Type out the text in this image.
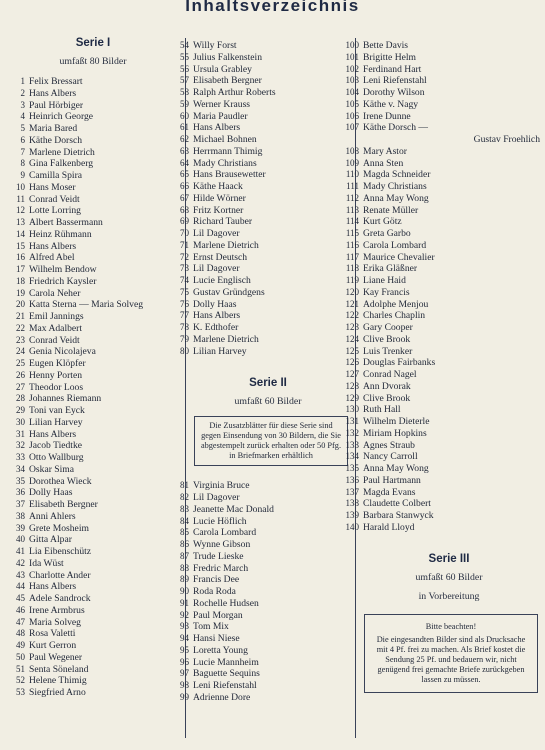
Inhaltsverzeichnis
Serie I
umfaßt 80 Bilder
1 Felix Bressart
2 Hans Albers
3 Paul Hörbiger
4 Heinrich George
5 Maria Bared
6 Käthe Dorsch
7 Marlene Dietrich
8 Gina Falkenberg
9 Camilla Spira
10 Hans Moser
11 Conrad Veidt
12 Lotte Lorring
13 Albert Bassermann
14 Heinz Rühmann
15 Hans Albers
16 Alfred Abel
17 Wilhelm Bendow
18 Friedrich Kaysler
19 Carola Neher
20 Katta Sterna — Maria Solveg
21 Emil Jannings
22 Max Adalbert
23 Conrad Veidt
24 Genia Nicolajeva
25 Eugen Klöpfer
26 Henny Porten
27 Theodor Loos
28 Johannes Riemann
29 Toni van Eyck
30 Lilian Harvey
31 Hans Albers
32 Jacob Tiedtke
33 Otto Wallburg
34 Oskar Sima
35 Dorothea Wieck
36 Dolly Haas
37 Elisabeth Bergner
38 Anni Ahlers
39 Grete Mosheim
40 Gitta Alpar
41 Lia Eibenschütz
42 Ida Wüst
43 Charlotte Ander
44 Hans Albers
45 Adele Sandrock
46 Irene Armbrus
47 Maria Solveg
48 Rosa Valetti
49 Kurt Gerron
50 Paul Wegener
51 Senta Söneland
52 Helene Thimig
53 Siegfried Arno
54 Willy Forst
55 Julius Falkenstein
56 Ursula Grabley
57 Elisabeth Bergner
58 Ralph Arthur Roberts
59 Werner Krauss
60 Maria Paudler
61 Hans Albers
62 Michael Bohnen
63 Herrmann Thimig
64 Mady Christians
65 Hans Brausewetter
66 Käthe Haack
67 Hilde Wörner
68 Fritz Kortner
69 Richard Tauber
70 Lil Dagover
71 Marlene Dietrich
72 Ernst Deutsch
73 Lil Dagover
74 Lucie Englisch
75 Gustav Gründgens
76 Dolly Haas
77 Hans Albers
78 K. Edthofer
79 Marlene Dietrich
80 Lilian Harvey
Serie II
umfaßt 60 Bilder
Die Zusatzblätter für diese Serie sind gegen Einsendung von 30 Bildern, die Sie abgestempelt zurück erhalten oder 50 Pfg. in Briefmarken erhältlich
81 Virginia Bruce
82 Lil Dagover
83 Jeanette Mac Donald
84 Lucie Höflich
85 Carola Lombard
86 Wynne Gibson
87 Trude Lieske
88 Fredric March
89 Francis Dee
90 Roda Roda
91 Rochelle Hudsen
92 Paul Morgan
93 Tom Mix
94 Hansi Niese
95 Loretta Young
96 Lucie Mannheim
97 Baguette Sequins
98 Leni Riefenstahl
99 Adrienne Dore
100 Bette Davis
101 Brigitte Helm
102 Ferdinand Hart
103 Leni Riefenstahl
104 Dorothy Wilson
105 Käthe v. Nagy
106 Irene Dunne
107 Käthe Dorsch —
Gustav Froehlich
108 Mary Astor
109 Anna Sten
110 Magda Schneider
111 Mady Christians
112 Anna May Wong
113 Renate Müller
114 Kurt Götz
115 Greta Garbo
116 Carola Lombard
117 Maurice Chevalier
118 Erika Gläßner
119 Liane Haid
120 Kay Francis
121 Adolphe Menjou
122 Charles Chaplin
123 Gary Cooper
124 Clive Brook
125 Luis Trenker
126 Douglas Fairbanks
127 Conrad Nagel
128 Ann Dvorak
129 Clive Brook
130 Ruth Hall
131 Wilhelm Dieterle
132 Miriam Hopkins
133 Agnes Straub
134 Nancy Carroll
135 Anna May Wong
136 Paul Hartmann
137 Magda Evans
138 Claudette Colbert
139 Barbara Stanwyck
140 Harald Lloyd
Serie III
umfaßt 60 Bilder
in Vorbereitung
Bitte beachten!
Die eingesandten Bilder sind als Drucksache mit 4 Pf. frei zu machen. Als Brief kostet die Sendung 25 Pf. und bedauern wir, nicht genügend frei gemachte Briefe zurückgeben lassen zu müssen.
